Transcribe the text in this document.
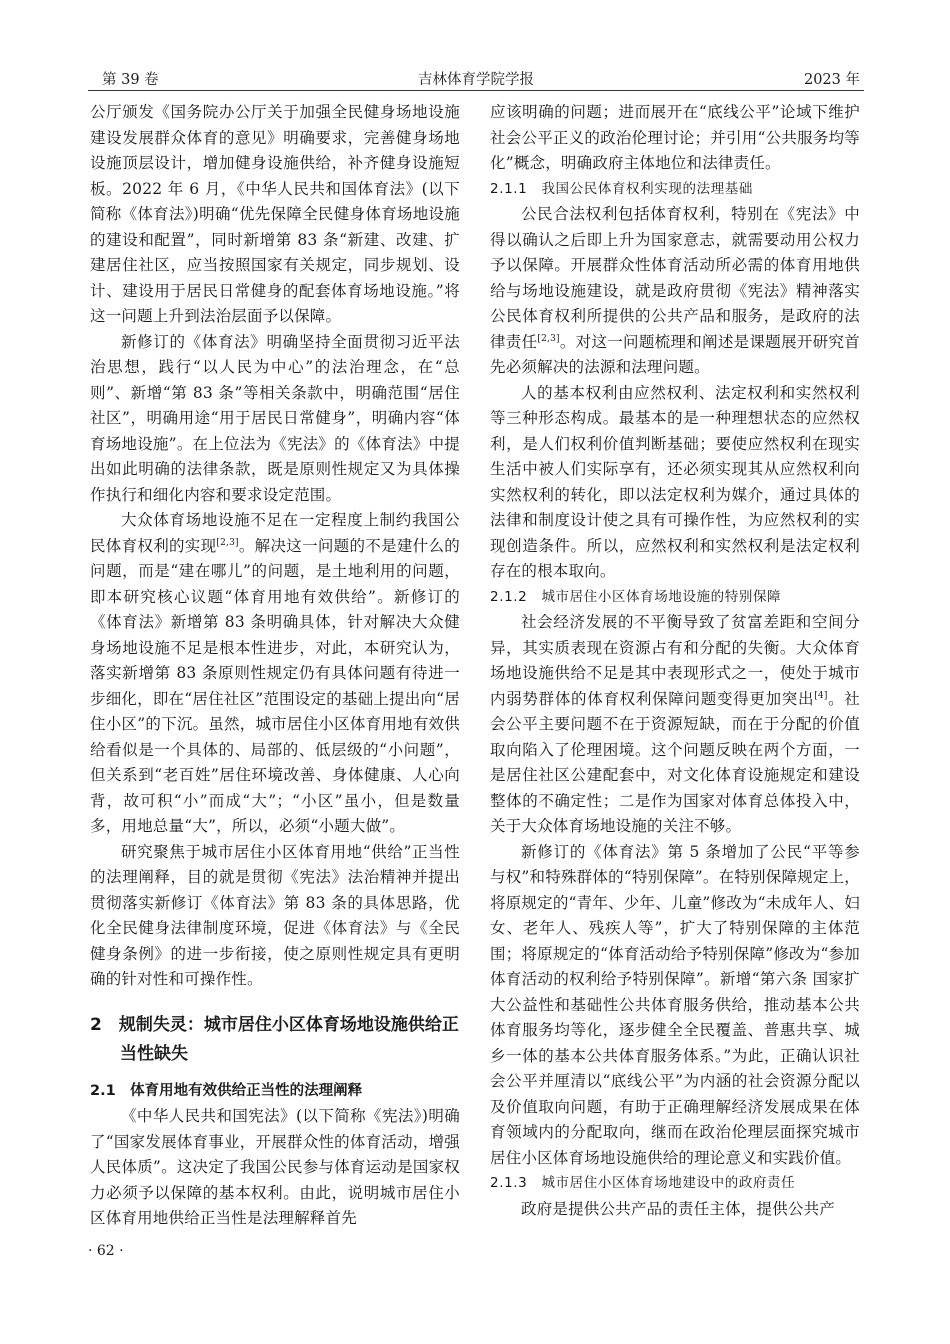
第 39 卷	吉林体育学院学报	2023 年

公厅颁发《国务院办公厅关于加强全民健身场地设施建设发展群众体育的意见》明确要求，完善健身场地设施顶层设计，增加健身设施供给，补齐健身设施短板。2022 年 6 月，《中华人民共和国体育法》(以下简称《体育法》)明确“优先保障全民健身体育场地设施的建设和配置”，同时新增第 83 条“新建、改建、扩建居住社区，应当按照国家有关规定，同步规划、设计、建设用于居民日常健身的配套体育场地设施。”将这一问题上升到法治层面予以保障。

新修订的《体育法》明确坚持全面贯彻习近平法治思想，践行“以人民为中心”的法治理念，在“总则”、新增“第 83 条”等相关条款中，明确范围“居住社区”，明确用途“用于居民日常健身”，明确内容“体育场地设施”。在上位法为《宪法》的《体育法》中提出如此明确的法律条款，既是原则性规定又为具体操作执行和细化内容和要求设定范围。

大众体育场地设施不足在一定程度上制约我国公民体育权利的实现[2,3]。解决这一问题的不是建什么的问题，而是“建在哪儿”的问题，是土地利用的问题，即本研究核心议题“体育用地有效供给”。新修订的《体育法》新增第 83 条明确具体，针对解决大众健身场地设施不足是根本性进步，对此，本研究认为，落实新增第 83 条原则性规定仍有具体问题有待进一步细化，即在“居住社区”范围设定的基础上提出向“居住小区”的下沉。虽然，城市居住小区体育用地有效供给看似是一个具体的、局部的、低层级的“小问题”，但关系到“老百姓”居住环境改善、身体健康、人心向背，故可积“小”而成“大”；“小区”虽小，但是数量多，用地总量“大”，所以，必须“小题大做”。

研究聚焦于城市居住小区体育用地“供给”正当性的法理阐释，目的就是贯彻《宪法》法治精神并提出贯彻落实新修订《体育法》第 83 条的具体思路，优化全民健身法律制度环境，促进《体育法》与《全民健身条例》的进一步衔接，使之原则性规定具有更明确的针对性和可操作性。

2　规制失灵：城市居住小区体育场地设施供给正当性缺失
2.1　体育用地有效供给正当性的法理阐释

《中华人民共和国宪法》(以下简称《宪法》)明确了“国家发展体育事业，开展群众性的体育活动，增强人民体质”。这决定了我国公民参与体育运动是国家权力必须予以保障的基本权利。由此，说明城市居住小区体育用地供给正当性是法理解释首先

应该明确的问题；进而展开在“底线公平”论域下维护社会公平正义的政治伦理讨论；并引用“公共服务均等化”概念，明确政府主体地位和法律责任。

2.1.1　我国公民体育权利实现的法理基础

公民合法权利包括体育权利，特别在《宪法》中得以确认之后即上升为国家意志，就需要动用公权力予以保障。开展群众性体育活动所必需的体育用地供给与场地设施建设，就是政府贯彻《宪法》精神落实公民体育权利所提供的公共产品和服务，是政府的法律责任[2,3]。对这一问题梳理和阐述是课题展开研究首先必须解决的法源和法理问题。

人的基本权利由应然权利、法定权利和实然权利等三种形态构成。最基本的是一种理想状态的应然权利，是人们权利价值判断基础；要使应然权利在现实生活中被人们实际享有，还必须实现其从应然权利向实然权利的转化，即以法定权利为媒介，通过具体的法律和制度设计使之具有可操作性，为应然权利的实现创造条件。所以，应然权利和实然权利是法定权利存在的根本取向。

2.1.2　城市居住小区体育场地设施的特别保障

社会经济发展的不平衡导致了贫富差距和空间分异，其实质表现在资源占有和分配的失衡。大众体育场地设施供给不足是其中表现形式之一，使处于城市内弱势群体的体育权利保障问题变得更加突出[4]。社会公平主要问题不在于资源短缺，而在于分配的价值取向陷入了伦理困境。这个问题反映在两个方面，一是居住社区公建配套中，对文化体育设施规定和建设整体的不确定性；二是作为国家对体育总体投入中，关于大众体育场地设施的关注不够。

新修订的《体育法》第 5 条增加了公民“平等参与权”和特殊群体的“特别保障”。在特别保障规定上，将原规定的“青年、少年、儿童”修改为“未成年人、妇女、老年人、残疾人等”，扩大了特别保障的主体范围；将原规定的“体育活动给予特别保障”修改为“参加体育活动的权利给予特别保障”。新增“第六条 国家扩大公益性和基础性公共体育服务供给，推动基本公共体育服务均等化，逐步健全全民覆盖、普惠共享、城乡一体的基本公共体育服务体系。”为此，正确认识社会公平并厘清以“底线公平”为内涵的社会资源分配以及价值取向问题，有助于正确理解经济发展成果在体育领域内的分配取向，继而在政治伦理层面探究城市居住小区体育场地设施供给的理论意义和实践价值。

2.1.3　城市居住小区体育场地建设中的政府责任

政府是提供公共产品的责任主体，提供公共产

· 62 ·
